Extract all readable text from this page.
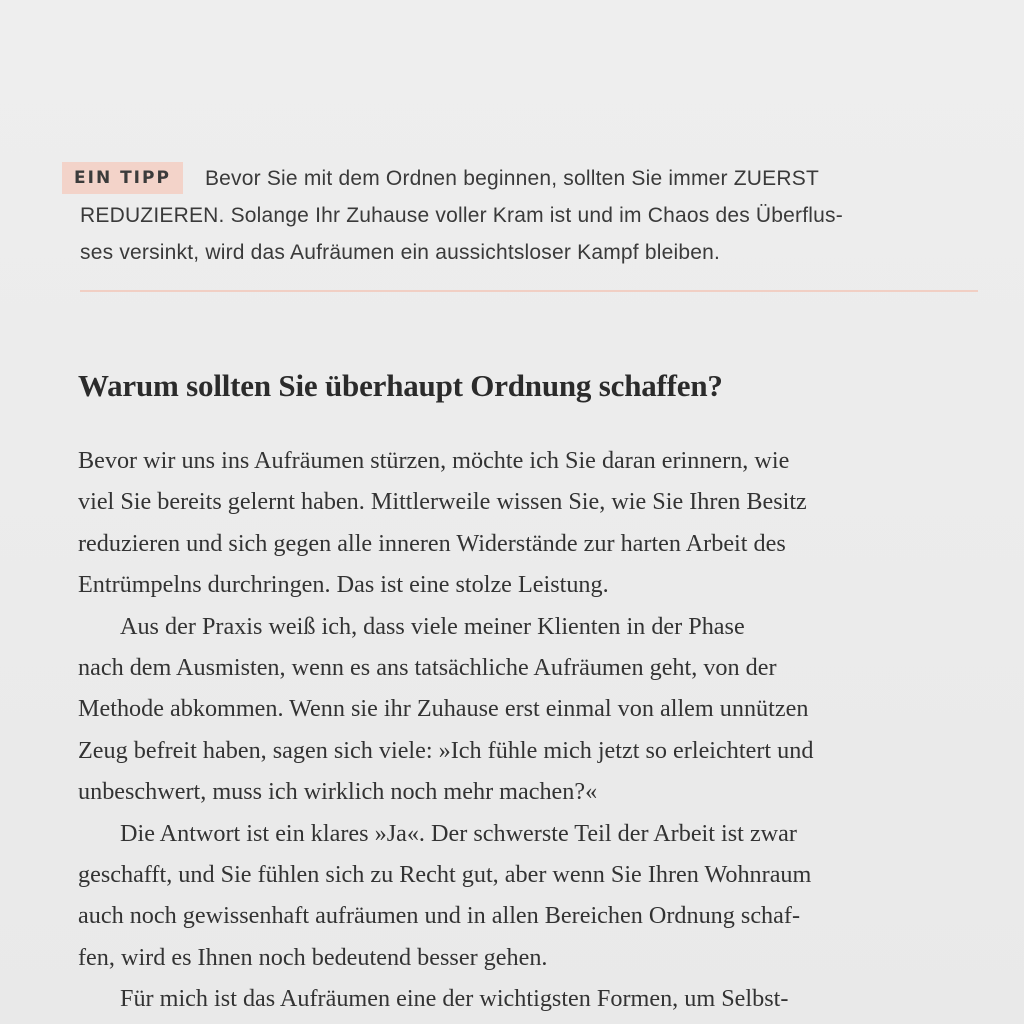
EIN TIPP Bevor Sie mit dem Ordnen beginnen, sollten Sie immer ZUERST
REDUZIEREN. Solange Ihr Zuhause voller Kram ist und im Chaos des Überflus-
ses versinkt, wird das Aufräumen ein aussichtsloser Kampf bleiben.
Warum sollten Sie überhaupt Ordnung schaffen?
Bevor wir uns ins Aufräumen stürzen, möchte ich Sie daran erinnern, wie
viel Sie bereits gelernt haben. Mittlerweile wissen Sie, wie Sie Ihren Besitz
reduzieren und sich gegen alle inneren Widerstände zur harten Arbeit des
Entrümpelns durchringen. Das ist eine stolze Leistung.
Aus der Praxis weiß ich, dass viele meiner Klienten in der Phase
nach dem Ausmisten, wenn es ans tatsächliche Aufräumen geht, von der
Methode abkommen. Wenn sie ihr Zuhause erst einmal von allem unnützen
Zeug befreit haben, sagen sich viele: »Ich fühle mich jetzt so erleichtert und
unbeschwert, muss ich wirklich noch mehr machen?«
Die Antwort ist ein klares »Ja«. Der schwerste Teil der Arbeit ist zwar
geschafft, und Sie fühlen sich zu Recht gut, aber wenn Sie Ihren Wohnraum
auch noch gewissenhaft aufräumen und in allen Bereichen Ordnung schaf-
fen, wird es Ihnen noch bedeutend besser gehen.
Für mich ist das Aufräumen eine der wichtigsten Formen, um Selbst-
